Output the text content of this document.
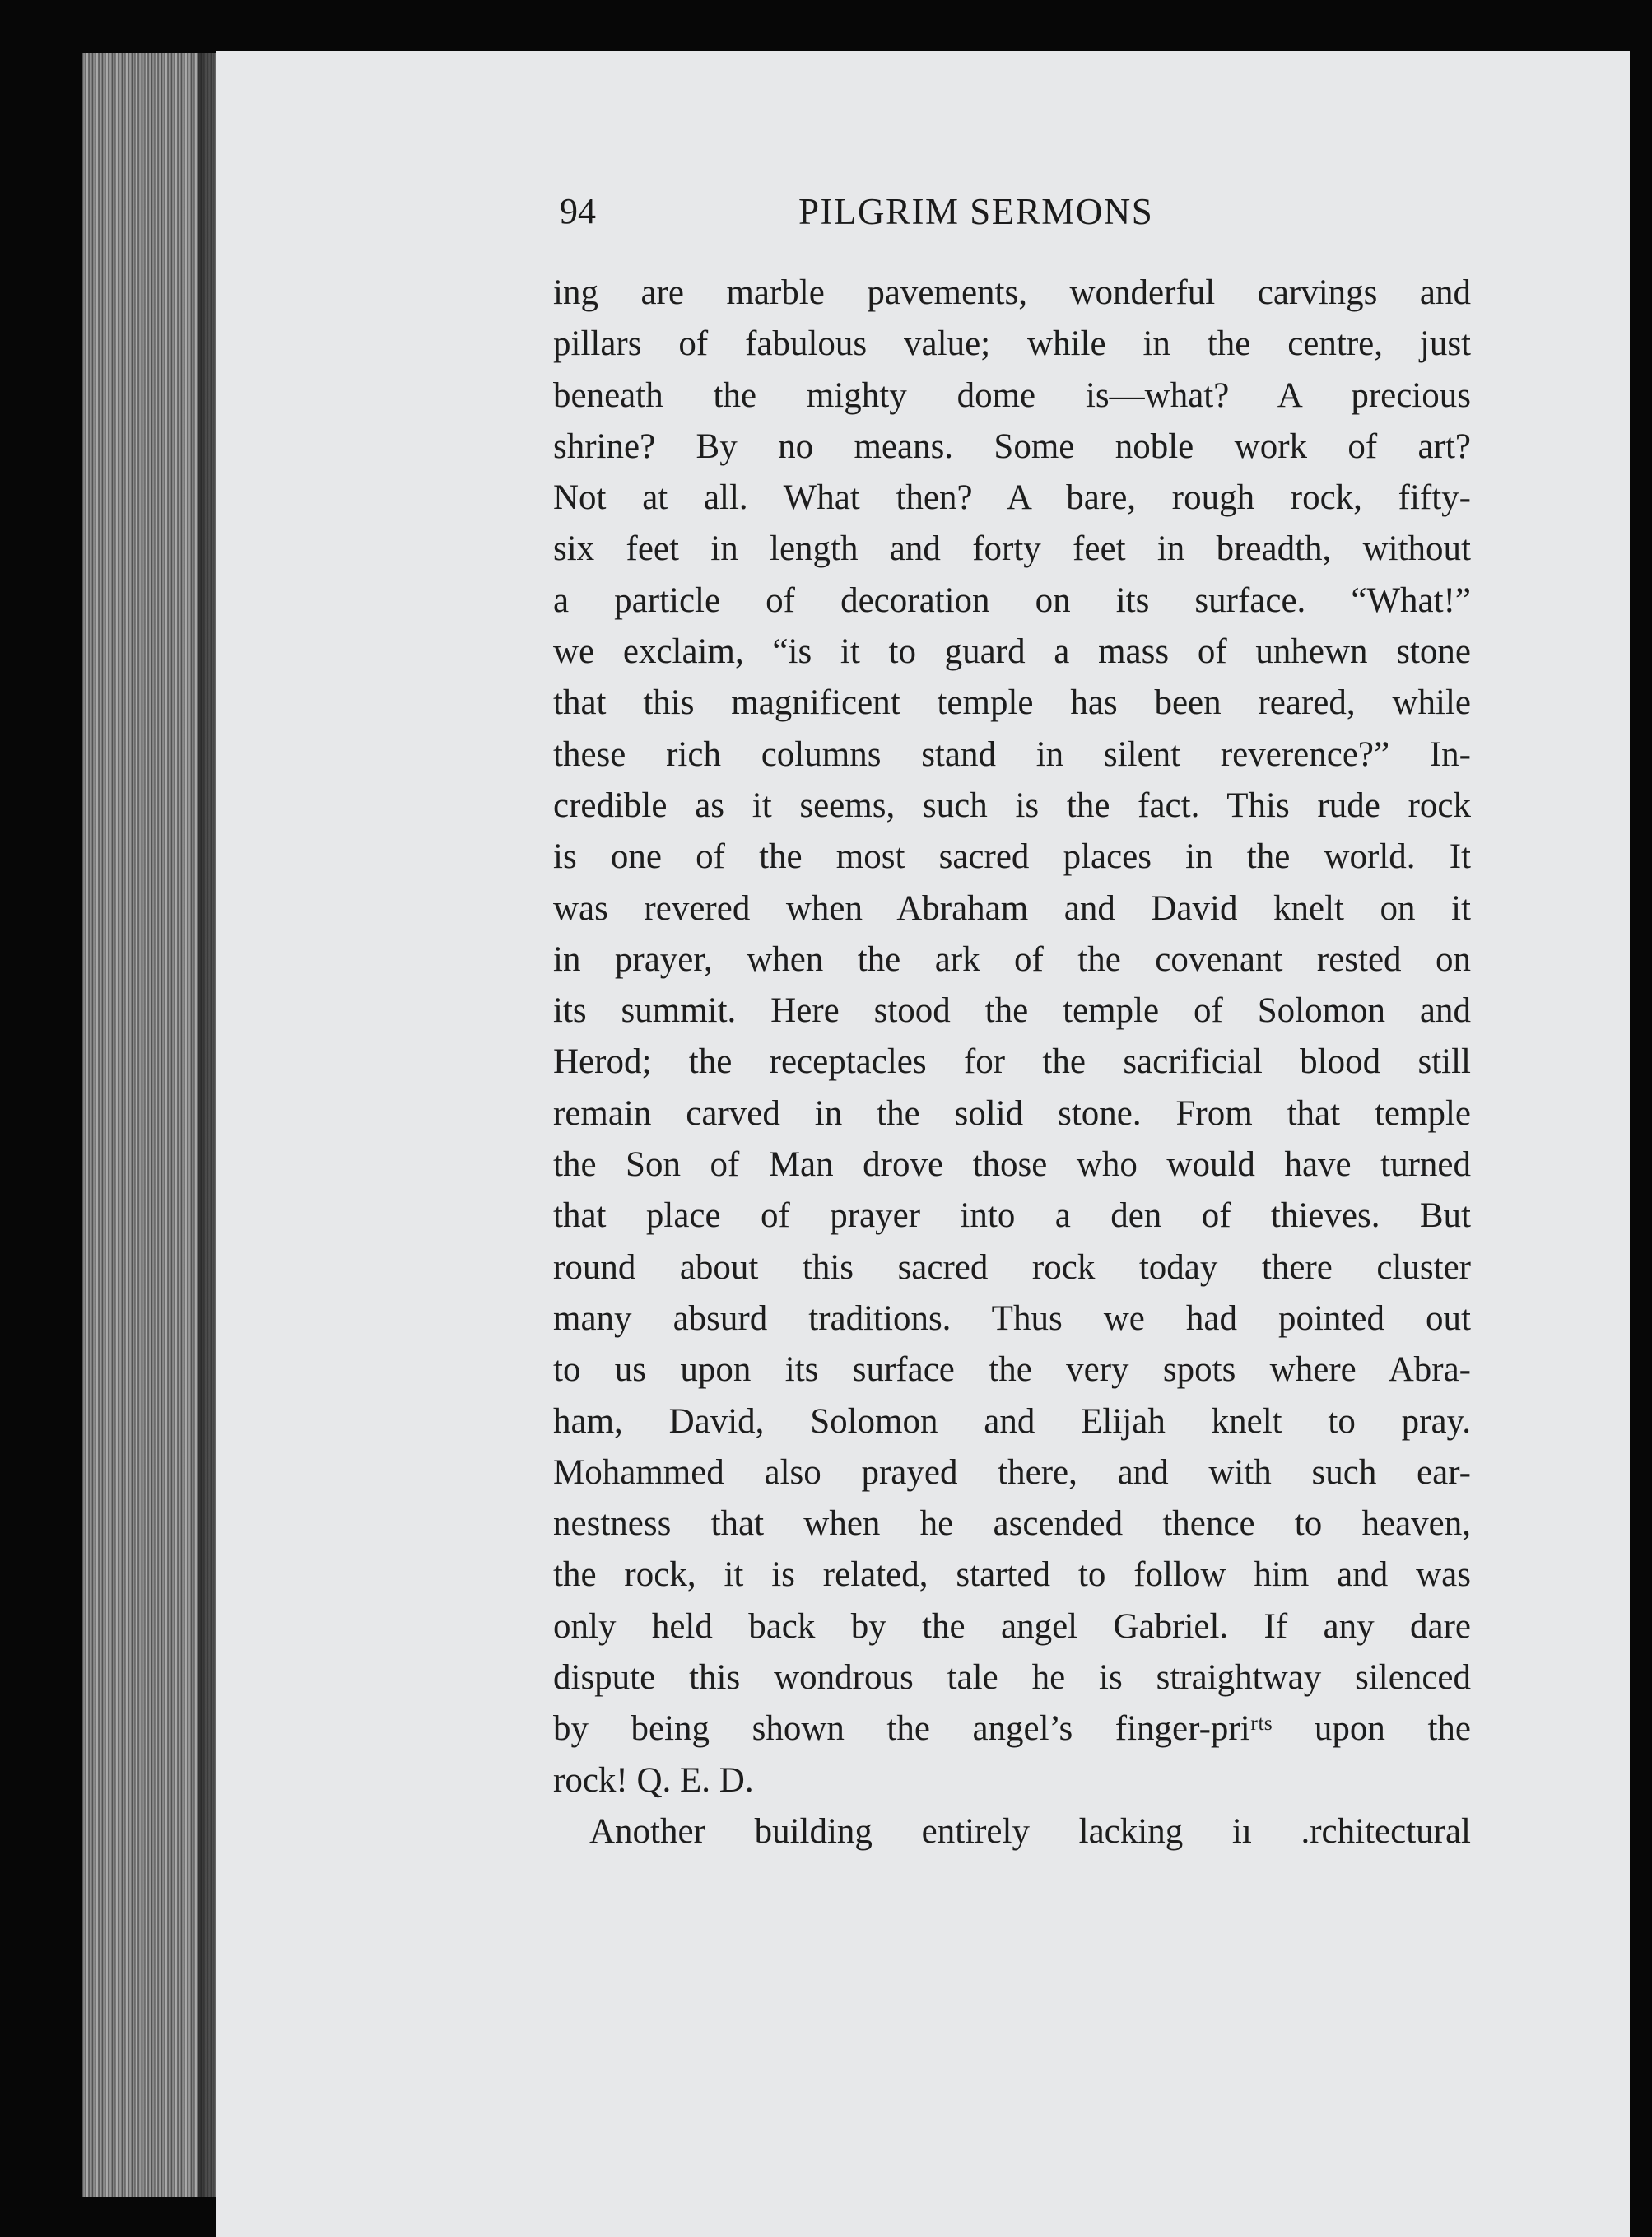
94	PILGRIM SERMONS
ing are marble pavements, wonderful carvings and
pillars of fabulous value; while in the centre, just
beneath the mighty dome is—what? A precious
shrine? By no means. Some noble work of art?
Not at all. What then? A bare, rough rock, fifty-
six feet in length and forty feet in breadth, without
a particle of decoration on its surface. “What!”
we exclaim, “is it to guard a mass of unhewn stone
that this magnificent temple has been reared, while
these rich columns stand in silent reverence?” In-
credible as it seems, such is the fact. This rude rock
is one of the most sacred places in the world. It
was revered when Abraham and David knelt on it
in prayer, when the ark of the covenant rested on
its summit. Here stood the temple of Solomon and
Herod; the receptacles for the sacrificial blood still
remain carved in the solid stone. From that temple
the Son of Man drove those who would have turned
that place of prayer into a den of thieves. But
round about this sacred rock today there cluster
many absurd traditions. Thus we had pointed out
to us upon its surface the very spots where Abra-
ham, David, Solomon and Elijah knelt to pray.
Mohammed also prayed there, and with such ear-
nestness that when he ascended thence to heaven,
the rock, it is related, started to follow him and was
only held back by the angel Gabriel. If any dare
dispute this wondrous tale he is straightway silenced
by being shown the angel’s finger-priʳᵗˢ upon the
rock! Q. E. D.
Another building entirely lacking iı .rchitectural
